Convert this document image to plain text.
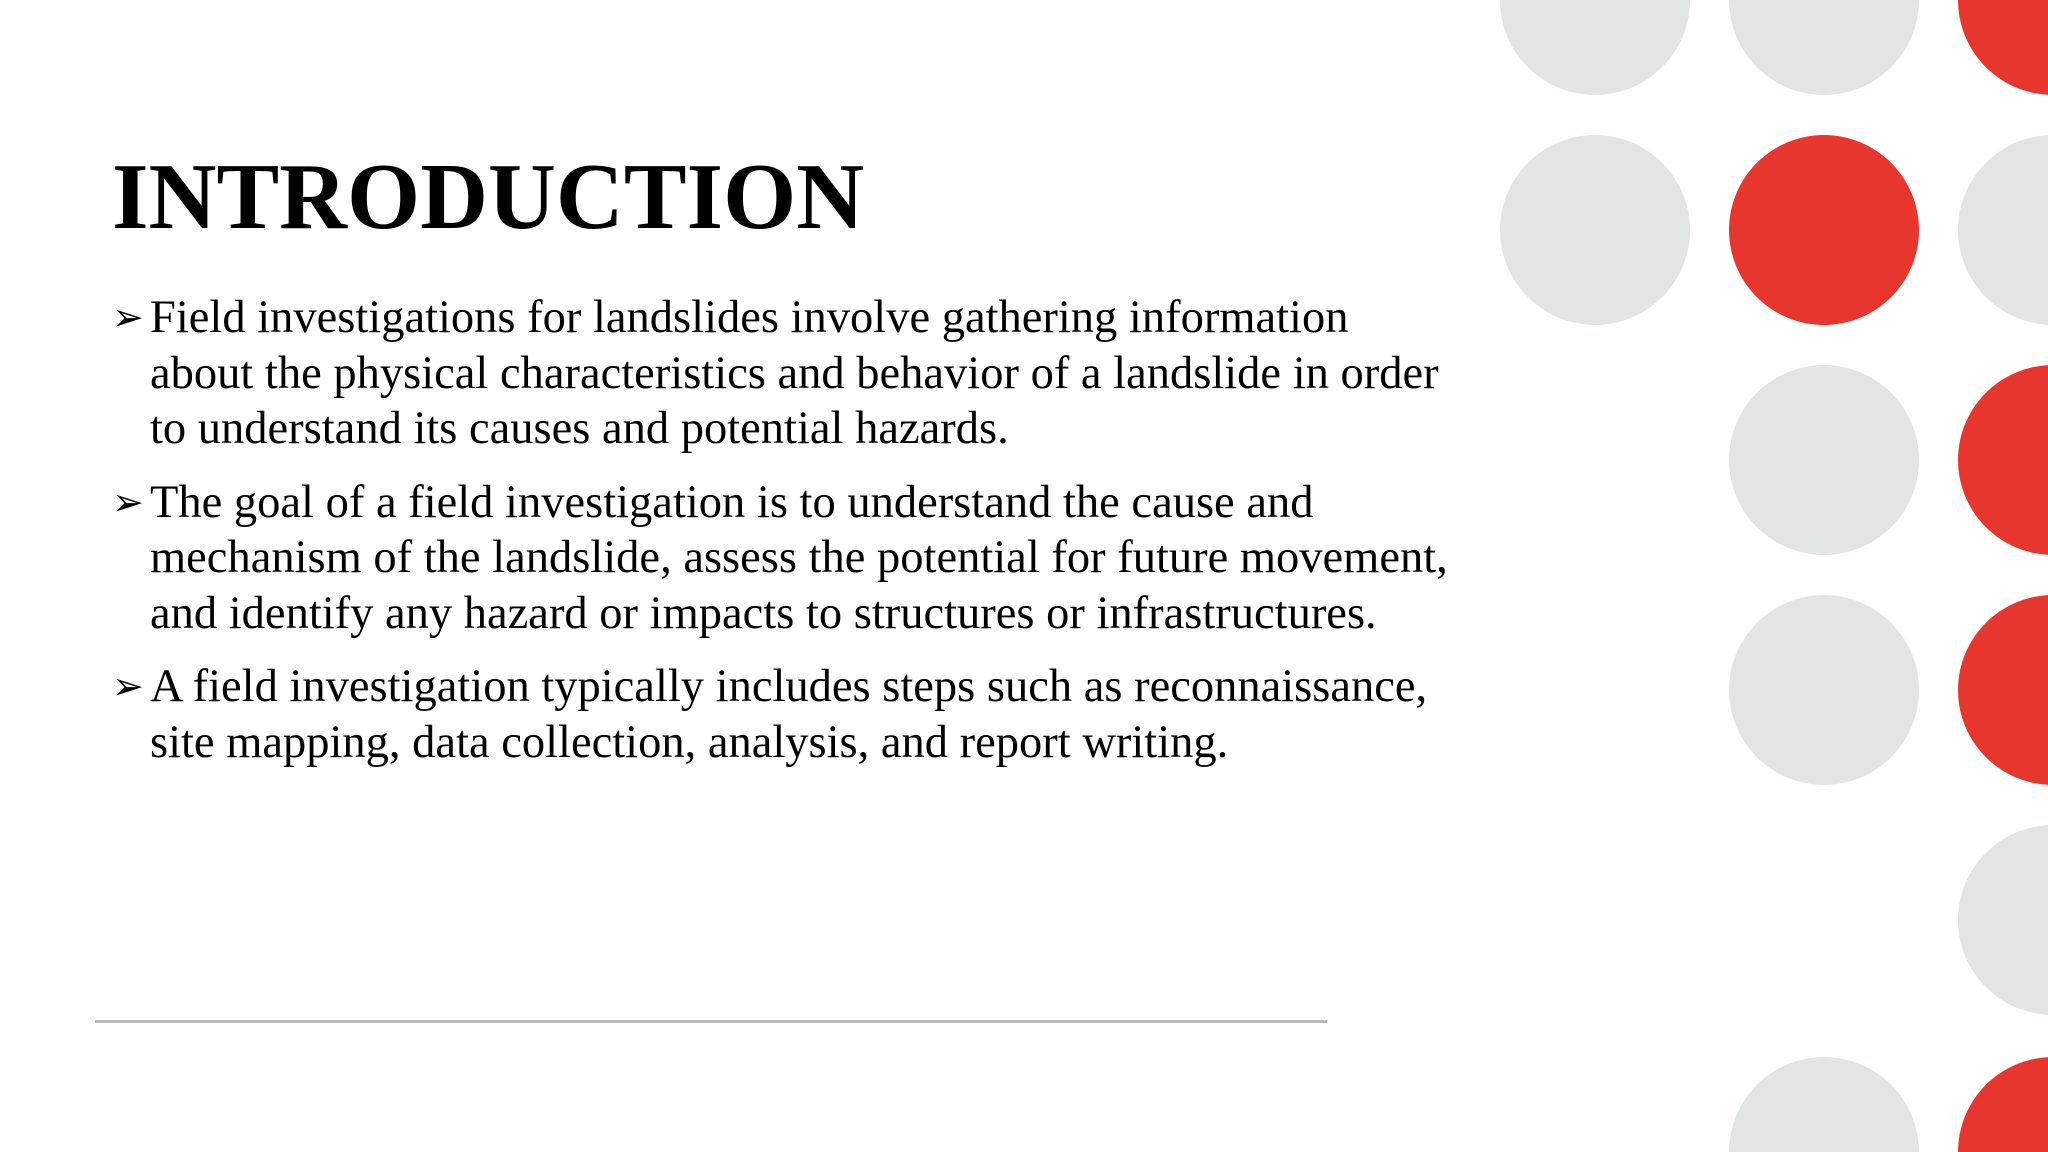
INTRODUCTION
➢ Field investigations for landslides involve gathering information about the physical characteristics and behavior of a landslide in order to understand its causes and potential hazards.
➢ The goal of a field investigation is to understand the cause and mechanism of the landslide, assess the potential for future movement, and identify any hazard or impacts to structures or infrastructures.
➢ A field investigation typically includes steps such as reconnaissance, site mapping, data collection, analysis, and report writing.
